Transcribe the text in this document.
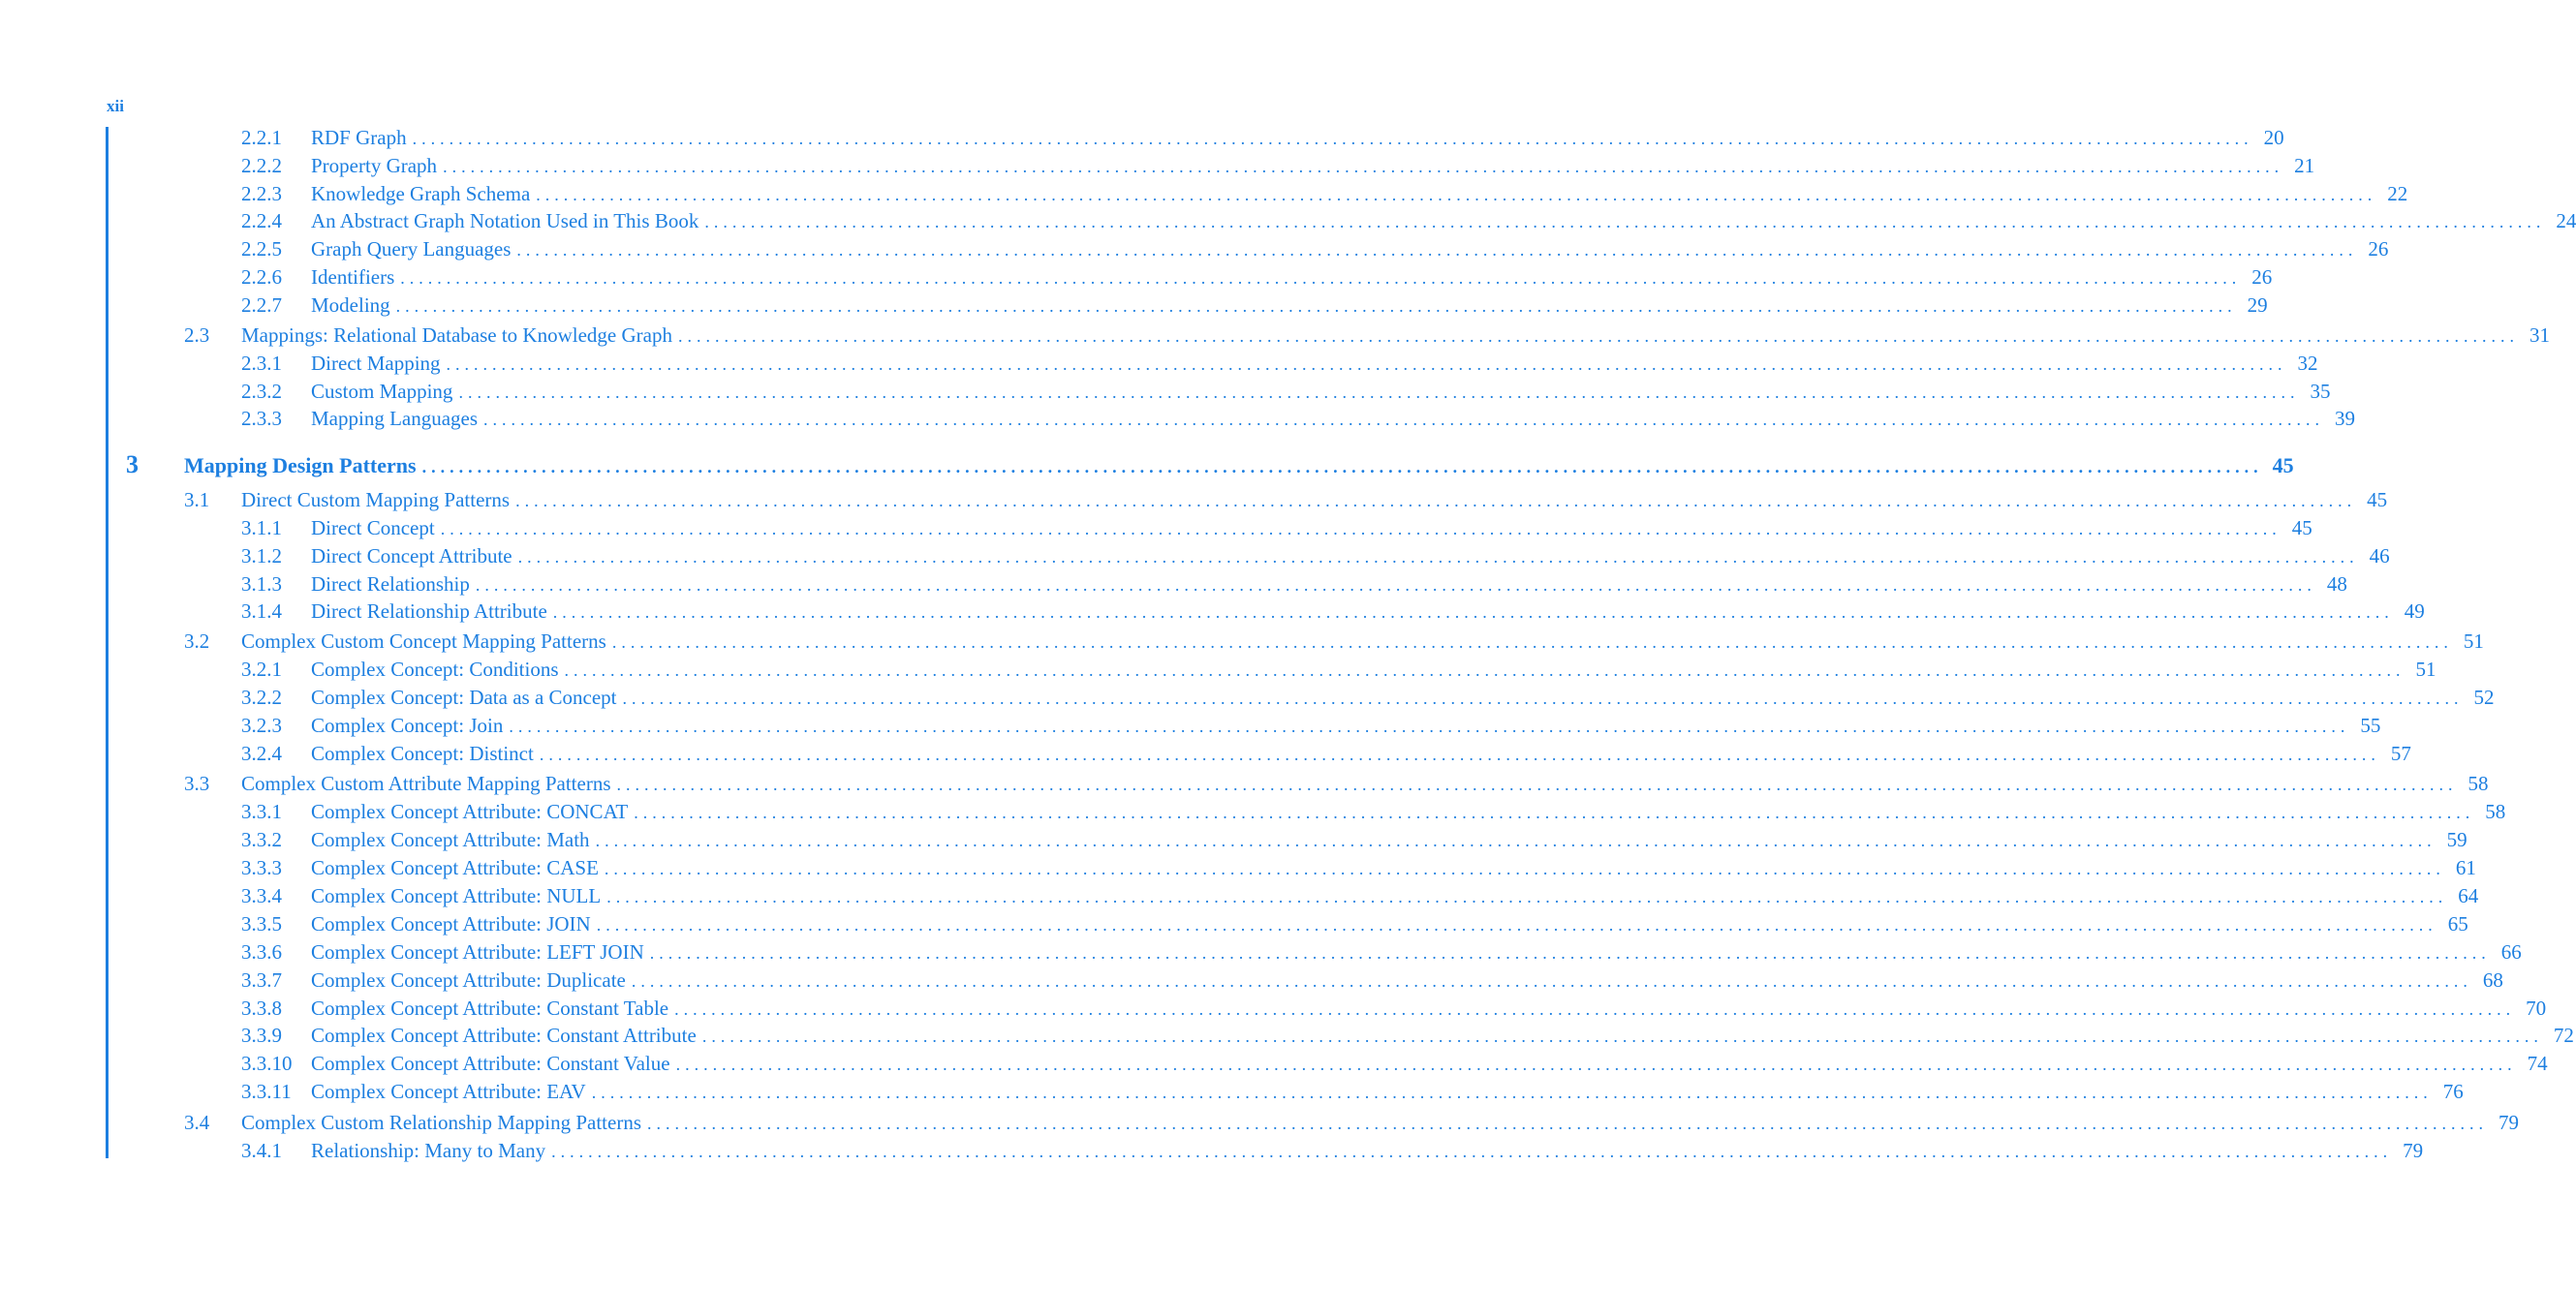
xii
2.2.1	RDF Graph ........................................................................................................................................................................................................ 20
2.2.2	Property Graph ........................................................................................................................................................................................................ 21
2.2.3	Knowledge Graph Schema ........................................................................................................................................................................................................ 22
2.2.4	An Abstract Graph Notation Used in This Book ........................................................................................................................................................................................................ 24
2.2.5	Graph Query Languages ........................................................................................................................................................................................................ 26
2.2.6	Identifiers ........................................................................................................................................................................................................ 26
2.2.7	Modeling ........................................................................................................................................................................................................ 29
2.3	Mappings: Relational Database to Knowledge Graph ........................................................................................................................................................................................................ 31
2.3.1	Direct Mapping ........................................................................................................................................................................................................ 32
2.3.2	Custom Mapping ........................................................................................................................................................................................................ 35
2.3.3	Mapping Languages ........................................................................................................................................................................................................ 39
3	Mapping Design Patterns ........................................................................................................................................................................................................ 45
3.1	Direct Custom Mapping Patterns ........................................................................................................................................................................................................ 45
3.1.1	Direct Concept ........................................................................................................................................................................................................ 45
3.1.2	Direct Concept Attribute ........................................................................................................................................................................................................ 46
3.1.3	Direct Relationship ........................................................................................................................................................................................................ 48
3.1.4	Direct Relationship Attribute ........................................................................................................................................................................................................ 49
3.2	Complex Custom Concept Mapping Patterns ........................................................................................................................................................................................................ 51
3.2.1	Complex Concept: Conditions ........................................................................................................................................................................................................ 51
3.2.2	Complex Concept: Data as a Concept ........................................................................................................................................................................................................ 52
3.2.3	Complex Concept: Join ........................................................................................................................................................................................................ 55
3.2.4	Complex Concept: Distinct ........................................................................................................................................................................................................ 57
3.3	Complex Custom Attribute Mapping Patterns ........................................................................................................................................................................................................ 58
3.3.1	Complex Concept Attribute: CONCAT ........................................................................................................................................................................................................ 58
3.3.2	Complex Concept Attribute: Math ........................................................................................................................................................................................................ 59
3.3.3	Complex Concept Attribute: CASE ........................................................................................................................................................................................................ 61
3.3.4	Complex Concept Attribute: NULL ........................................................................................................................................................................................................ 64
3.3.5	Complex Concept Attribute: JOIN ........................................................................................................................................................................................................ 65
3.3.6	Complex Concept Attribute: LEFT JOIN ........................................................................................................................................................................................................ 66
3.3.7	Complex Concept Attribute: Duplicate ........................................................................................................................................................................................................ 68
3.3.8	Complex Concept Attribute: Constant Table ........................................................................................................................................................................................................ 70
3.3.9	Complex Concept Attribute: Constant Attribute ........................................................................................................................................................................................................ 72
3.3.10 Complex Concept Attribute: Constant Value ........................................................................................................................................................................................................ 74
3.3.11 Complex Concept Attribute: EAV ........................................................................................................................................................................................................ 76
3.4	Complex Custom Relationship Mapping Patterns ........................................................................................................................................................................................................ 79
3.4.1	Relationship: Many to Many ........................................................................................................................................................................................................ 79
